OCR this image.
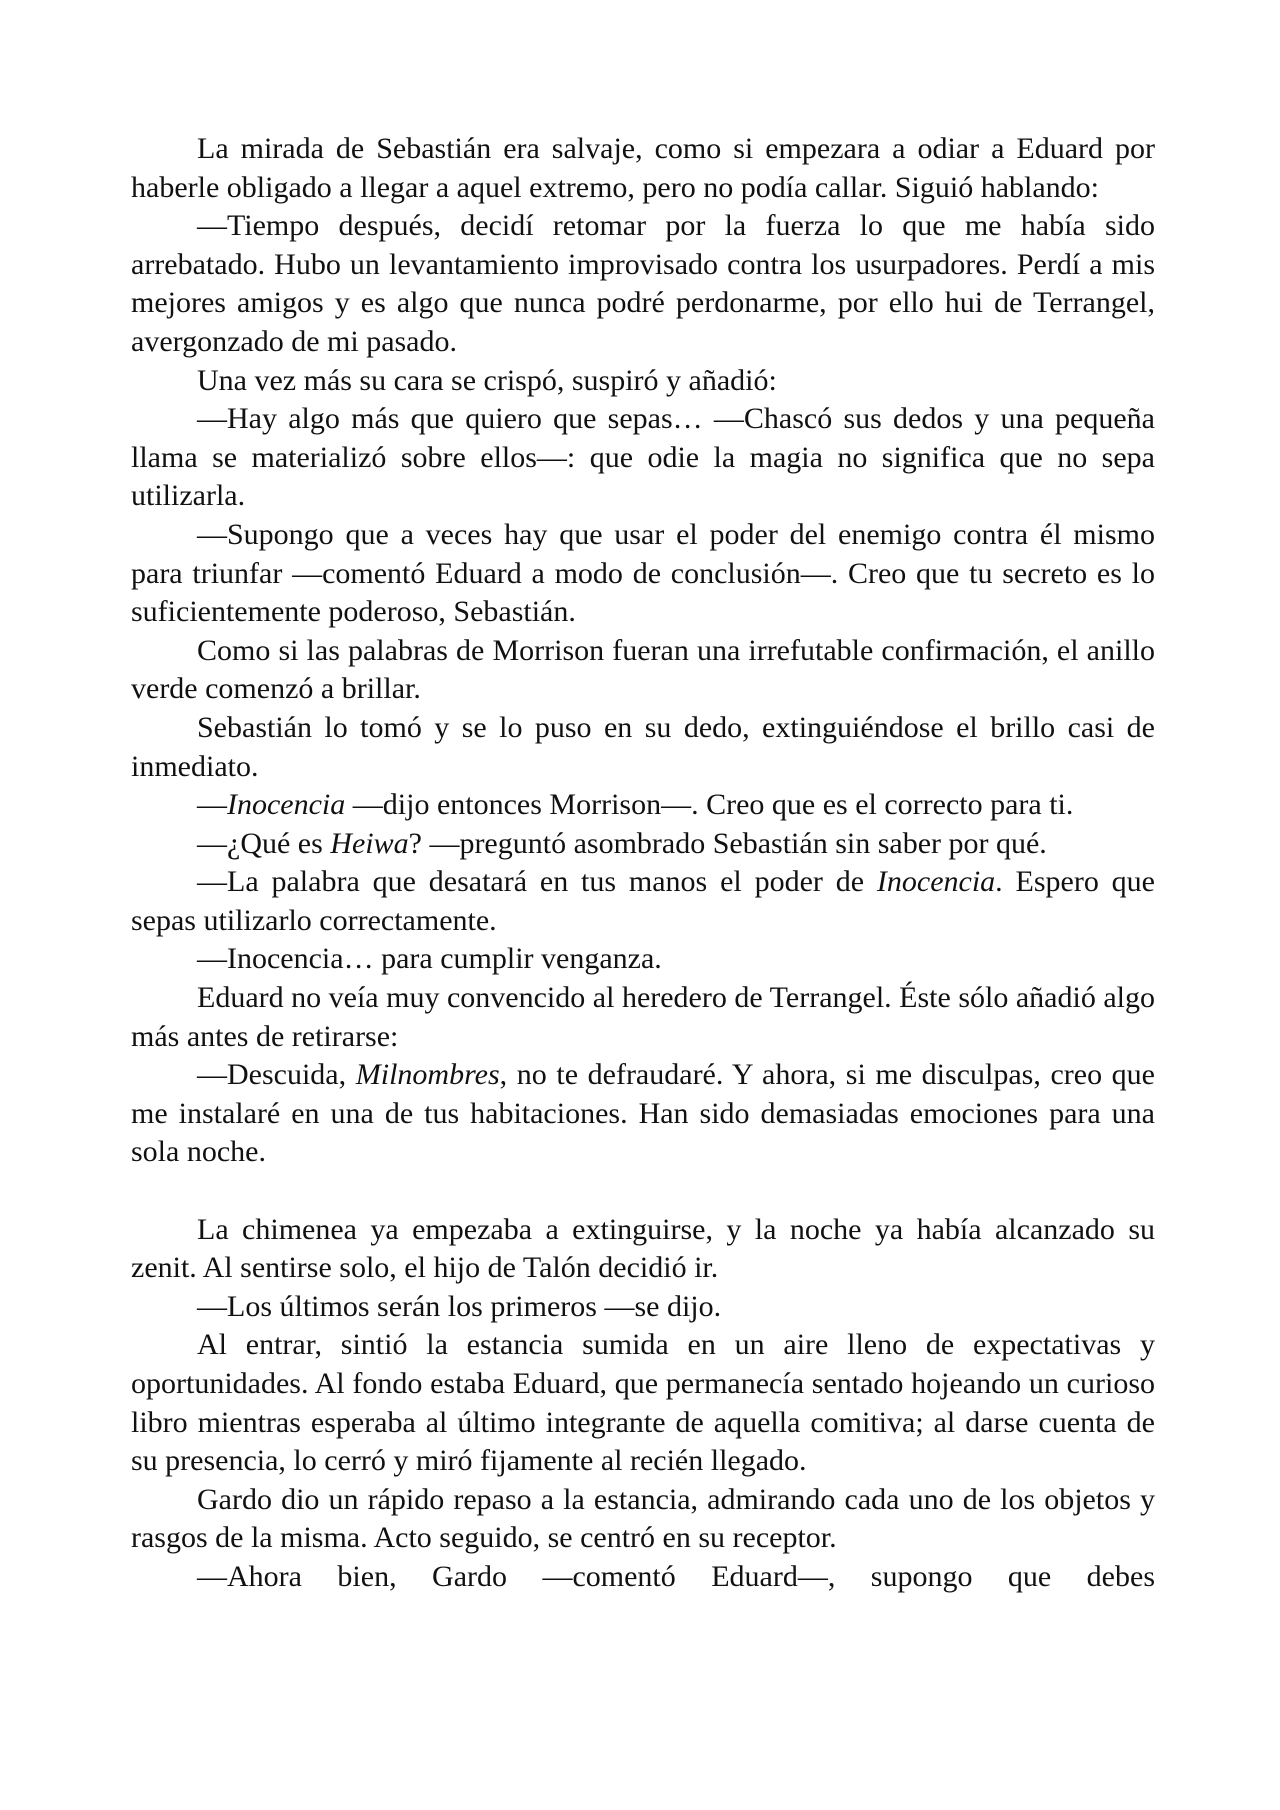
La mirada de Sebastián era salvaje, como si empezara a odiar a Eduard por haberle obligado a llegar a aquel extremo, pero no podía callar. Siguió hablando:

—Tiempo después, decidí retomar por la fuerza lo que me había sido arrebatado. Hubo un levantamiento improvisado contra los usurpadores. Perdí a mis mejores amigos y es algo que nunca podré perdonarme, por ello hui de Terrangel, avergonzado de mi pasado.

Una vez más su cara se crispó, suspiró y añadió:

—Hay algo más que quiero que sepas… —Chascó sus dedos y una pequeña llama se materializó sobre ellos—: que odie la magia no significa que no sepa utilizarla.

—Supongo que a veces hay que usar el poder del enemigo contra él mismo para triunfar —comentó Eduard a modo de conclusión—. Creo que tu secreto es lo suficientemente poderoso, Sebastián.

Como si las palabras de Morrison fueran una irrefutable confirmación, el anillo verde comenzó a brillar.

Sebastián lo tomó y se lo puso en su dedo, extinguiéndose el brillo casi de inmediato.

—Inocencia —dijo entonces Morrison—. Creo que es el correcto para ti.

—¿Qué es Heiwa? —preguntó asombrado Sebastián sin saber por qué.

—La palabra que desatará en tus manos el poder de Inocencia. Espero que sepas utilizarlo correctamente.

—Inocencia… para cumplir venganza.

Eduard no veía muy convencido al heredero de Terrangel. Éste sólo añadió algo más antes de retirarse:

—Descuida, Milnombres, no te defraudaré. Y ahora, si me disculpas, creo que me instalaré en una de tus habitaciones. Han sido demasiadas emociones para una sola noche.

La chimenea ya empezaba a extinguirse, y la noche ya había alcanzado su zenit. Al sentirse solo, el hijo de Talón decidió ir.

—Los últimos serán los primeros —se dijo.

Al entrar, sintió la estancia sumida en un aire lleno de expectativas y oportunidades. Al fondo estaba Eduard, que permanecía sentado hojeando un curioso libro mientras esperaba al último integrante de aquella comitiva; al darse cuenta de su presencia, lo cerró y miró fijamente al recién llegado.

Gardo dio un rápido repaso a la estancia, admirando cada uno de los objetos y rasgos de la misma. Acto seguido, se centró en su receptor.

—Ahora bien, Gardo —comentó Eduard—, supongo que debes
